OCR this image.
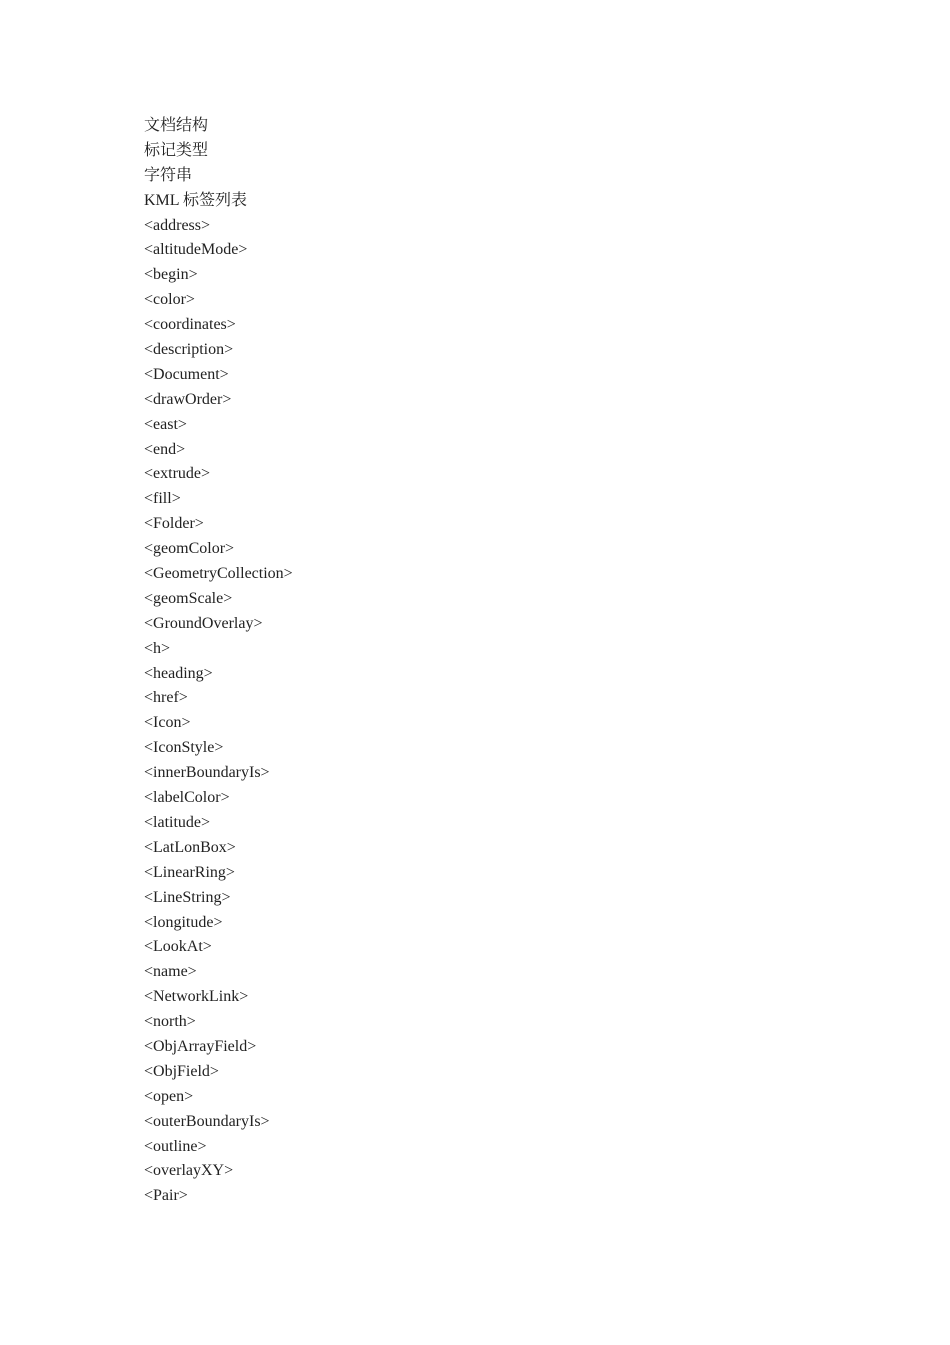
文档结构
标记类型
字符串
KML 标签列表
<address>
<altitudeMode>
<begin>
<color>
<coordinates>
<description>
<Document>
<drawOrder>
<east>
<end>
<extrude>
<fill>
<Folder>
<geomColor>
<GeometryCollection>
<geomScale>
<GroundOverlay>
<h>
<heading>
<href>
<Icon>
<IconStyle>
<innerBoundaryIs>
<labelColor>
<latitude>
<LatLonBox>
<LinearRing>
<LineString>
<longitude>
<LookAt>
<name>
<NetworkLink>
<north>
<ObjArrayField>
<ObjField>
<open>
<outerBoundaryIs>
<outline>
<overlayXY>
<Pair>
